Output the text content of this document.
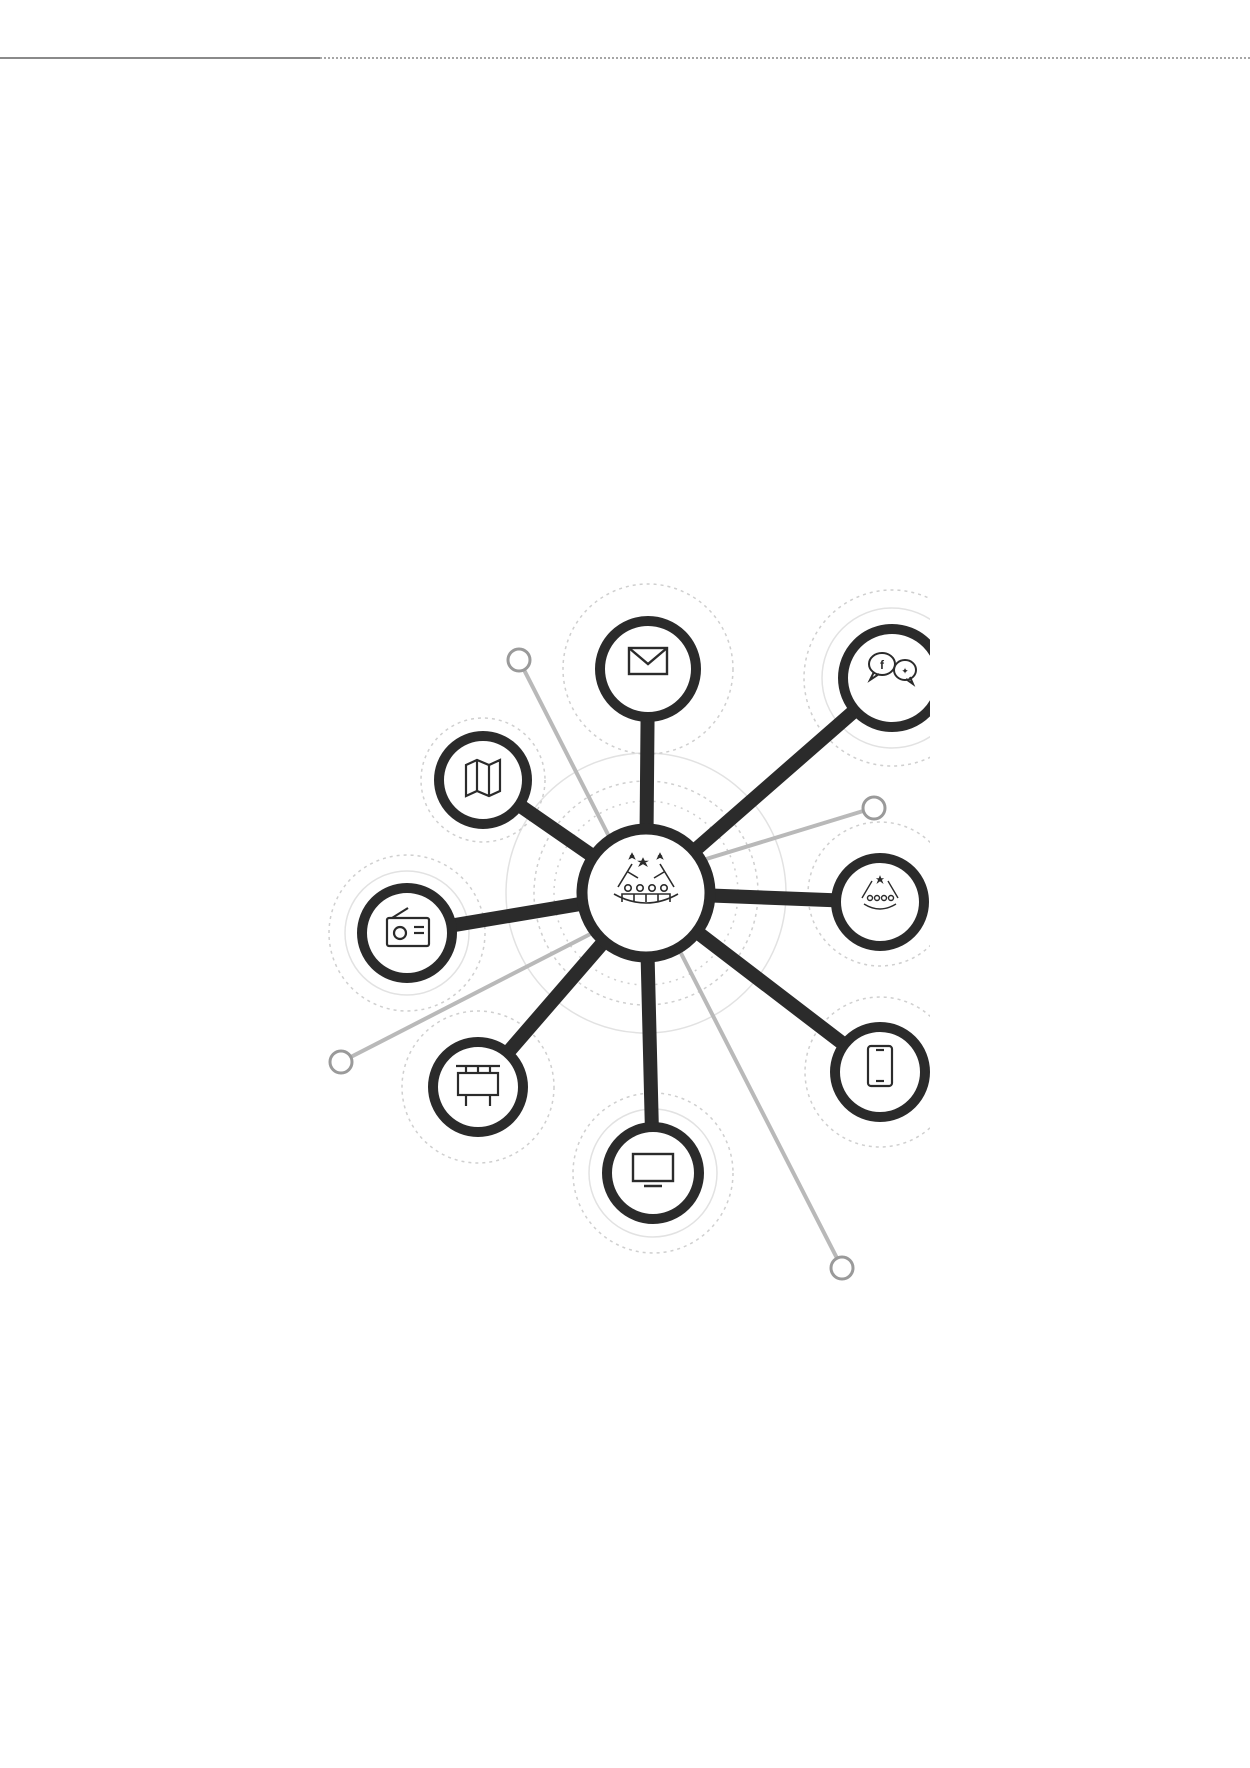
f ✦
